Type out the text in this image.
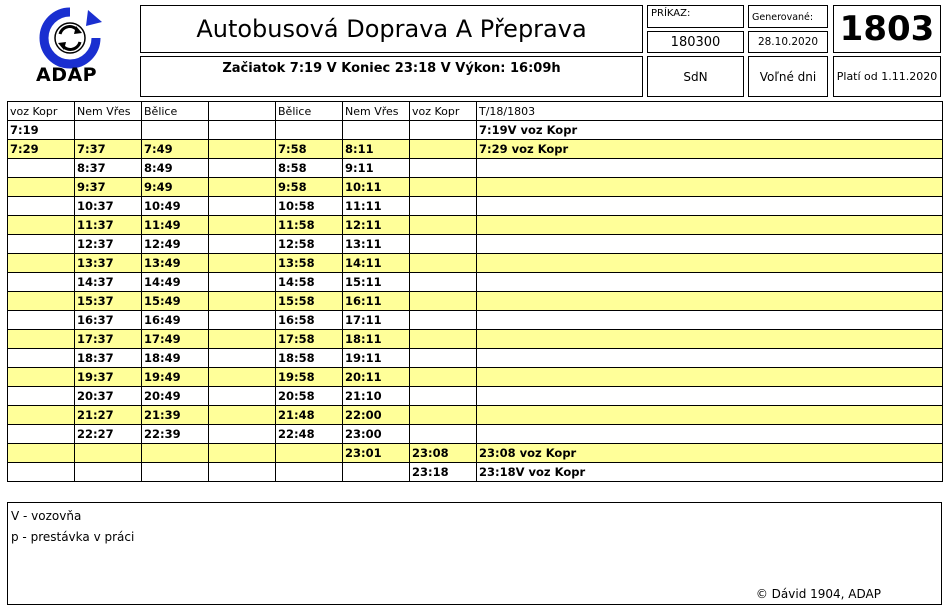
ADAP
Autobusová Doprava A Přeprava
Začiatok 7:19 V Koniec 23:18 V Výkon: 16:09h
PRÍKAZ:
180300
Generované:
28.10.2020 1803
SdN	Voľné dni	Platí od 1.11.2020
voz Kopr	Nem Vřes	Bělice		Bělice	Nem Vřes	voz Kopr	T/18/1803
7:19							7:19V voz Kopr
7:29	7:37	7:49		7:58	8:11		7:29 voz Kopr
	8:37	8:49		8:58	9:11		
	9:37	9:49		9:58	10:11		
	10:37	10:49		10:58	11:11		
	11:37	11:49		11:58	12:11		
	12:37	12:49		12:58	13:11		
	13:37	13:49		13:58	14:11		
	14:37	14:49		14:58	15:11		
	15:37	15:49		15:58	16:11		
	16:37	16:49		16:58	17:11		
	17:37	17:49		17:58	18:11		
	18:37	18:49		18:58	19:11		
	19:37	19:49		19:58	20:11		
	20:37	20:49		20:58	21:10		
	21:27	21:39		21:48	22:00		
	22:27	22:39		22:48	23:00		
					23:01	23:08	23:08 voz Kopr
						23:18	23:18V voz Kopr
V - vozovňa
p - prestávka v práci
© Dávid 1904, ADAP
